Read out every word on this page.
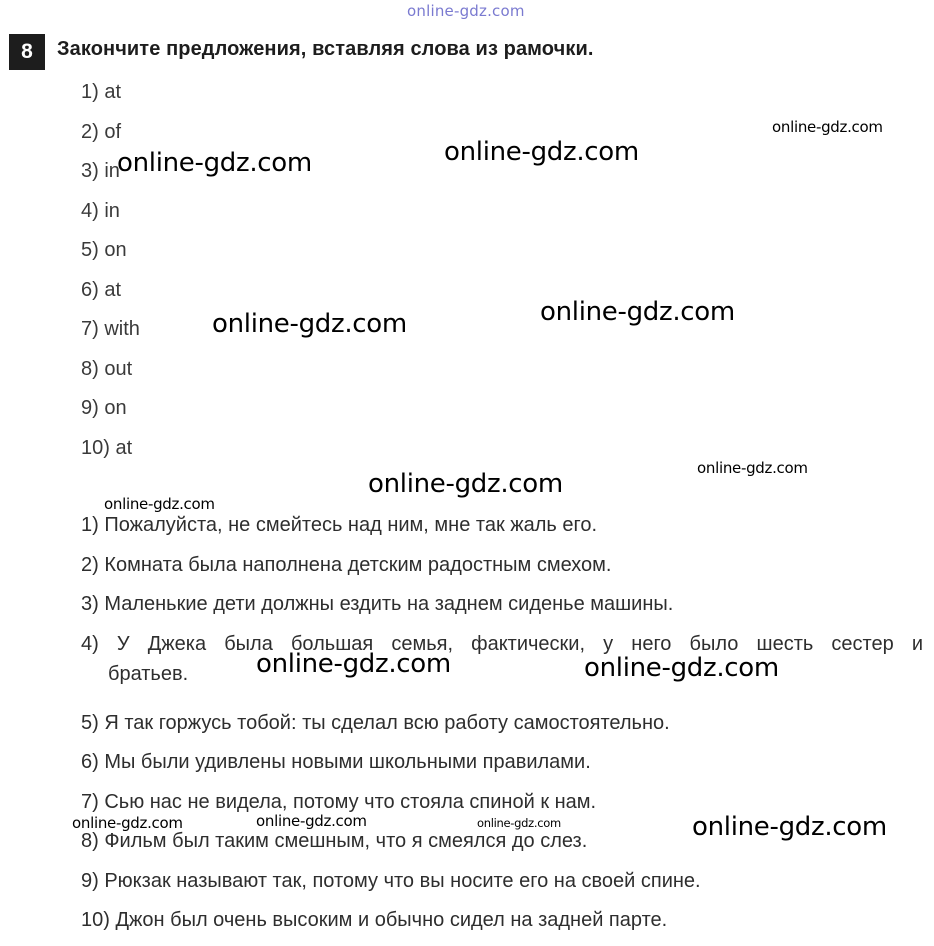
online-gdz.com
8	Закончите предложения, вставляя слова из рамочки.
1) at
2) of
3) in
4) in
5) on
6) at
7) with
8) out
9) on
10) at
1) Пожалуйста, не смейтесь над ним, мне так жаль его.
2) Комната была наполнена детским радостным смехом.
3) Маленькие дети должны ездить на заднем сиденье машины.
4) У Джека была большая семья, фактически, у него было шесть сестер и
братьев.
5) Я так горжусь тобой: ты сделал всю работу самостоятельно.
6) Мы были удивлены новыми школьными правилами.
7) Сью нас не видела, потому что стояла спиной к нам.
8) Фильм был таким смешным, что я смеялся до слез.
9) Рюкзак называют так, потому что вы носите его на своей спине.
10) Джон был очень высоким и обычно сидел на задней парте.
online-gdz.com
online-gdz.com	online-gdz.com
online-gdz.com	online-gdz.com
online-gdz.com
online-gdz.com
online-gdz.com
online-gdz.com	online-gdz.com
online-gdz.com	online-gdz.com	online-gdz.com	online-gdz.com
